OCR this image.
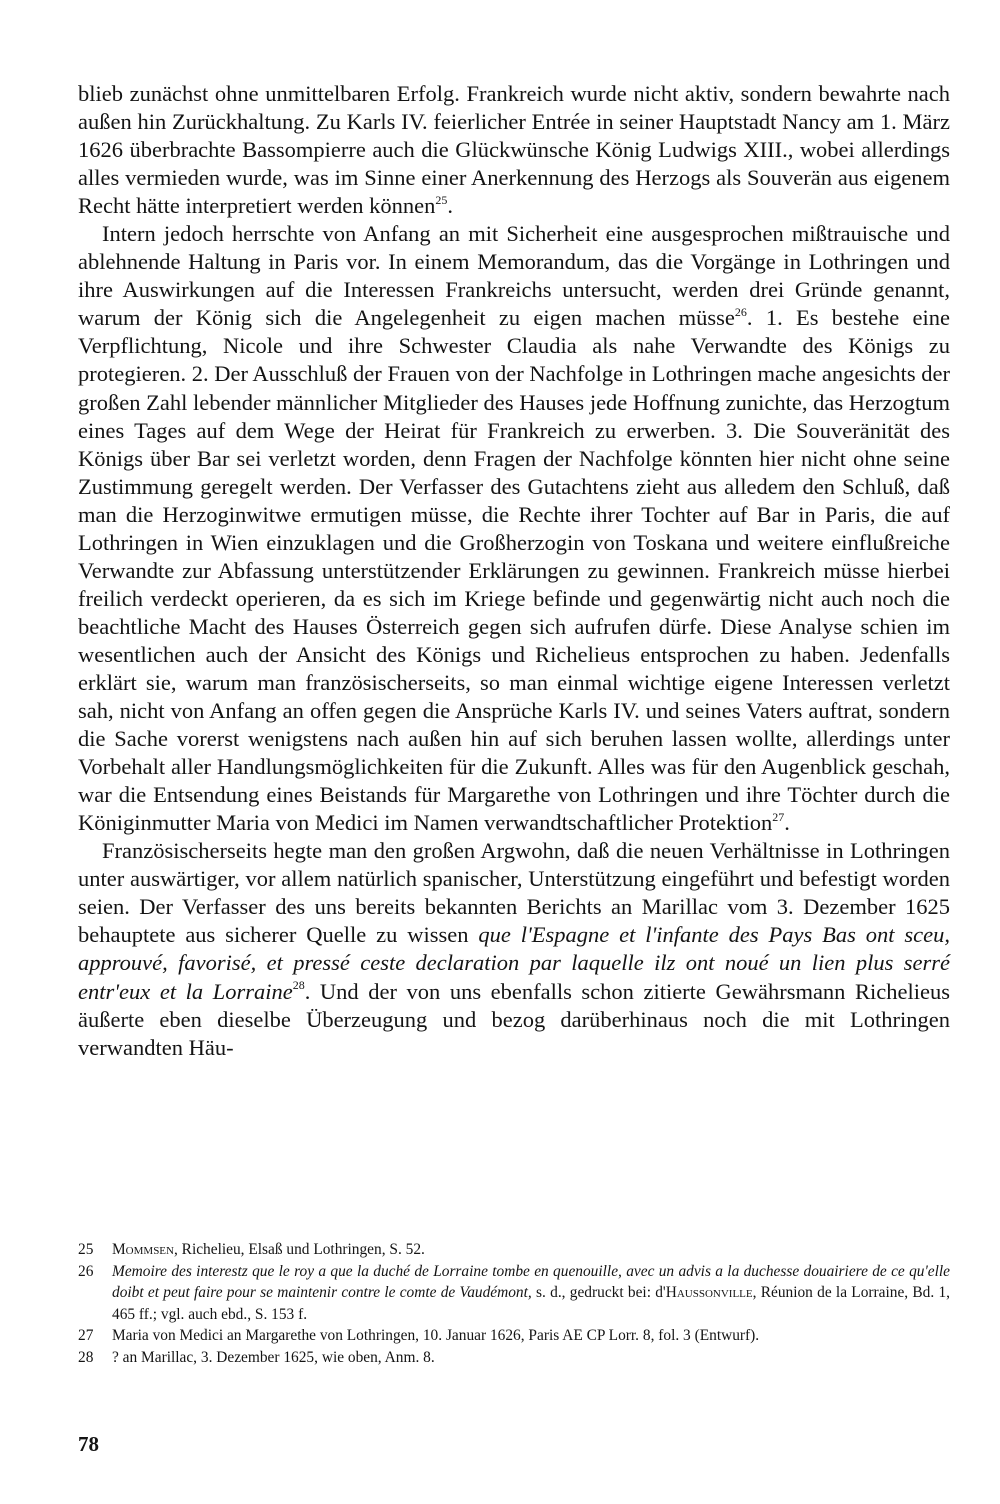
blieb zunächst ohne unmittelbaren Erfolg. Frankreich wurde nicht aktiv, sondern bewahrte nach außen hin Zurückhaltung. Zu Karls IV. feierlicher Entrée in seiner Hauptstadt Nancy am 1. März 1626 überbrachte Bassompierre auch die Glückwünsche König Ludwigs XIII., wobei allerdings alles vermieden wurde, was im Sinne einer Anerkennung des Herzogs als Souverän aus eigenem Recht hätte interpretiert werden können$^{25}$.

Intern jedoch herrschte von Anfang an mit Sicherheit eine ausgesprochen mißtrauische und ablehnende Haltung in Paris vor. In einem Memorandum, das die Vorgänge in Lothringen und ihre Auswirkungen auf die Interessen Frankreichs untersucht, werden drei Gründe genannt, warum der König sich die Angelegenheit zu eigen machen müsse$^{26}$. 1. Es bestehe eine Verpflichtung, Nicole und ihre Schwester Claudia als nahe Verwandte des Königs zu protegieren. 2. Der Ausschluß der Frauen von der Nachfolge in Lothringen mache angesichts der großen Zahl lebender männlicher Mitglieder des Hauses jede Hoffnung zunichte, das Herzogtum eines Tages auf dem Wege der Heirat für Frankreich zu erwerben. 3. Die Souveränität des Königs über Bar sei verletzt worden, denn Fragen der Nachfolge könnten hier nicht ohne seine Zustimmung geregelt werden. Der Verfasser des Gutachtens zieht aus alledem den Schluß, daß man die Herzoginwitwe ermutigen müsse, die Rechte ihrer Tochter auf Bar in Paris, die auf Lothringen in Wien einzuklagen und die Großherzogin von Toskana und weitere einflußreiche Verwandte zur Abfassung unterstützender Erklärungen zu gewinnen. Frankreich müsse hierbei freilich verdeckt operieren, da es sich im Kriege befinde und gegenwärtig nicht auch noch die beachtliche Macht des Hauses Österreich gegen sich aufrufen dürfe. Diese Analyse schien im wesentlichen auch der Ansicht des Königs und Richelieus entsprochen zu haben. Jedenfalls erklärt sie, warum man französischerseits, so man einmal wichtige eigene Interessen verletzt sah, nicht von Anfang an offen gegen die Ansprüche Karls IV. und seines Vaters auftrat, sondern die Sache vorerst wenigstens nach außen hin auf sich beruhen lassen wollte, allerdings unter Vorbehalt aller Handlungsmöglichkeiten für die Zukunft. Alles was für den Augenblick geschah, war die Entsendung eines Beistands für Margarethe von Lothringen und ihre Töchter durch die Königinmutter Maria von Medici im Namen verwandtschaftlicher Protektion$^{27}$.

Französischerseits hegte man den großen Argwohn, daß die neuen Verhältnisse in Lothringen unter auswärtiger, vor allem natürlich spanischer, Unterstützung eingeführt und befestigt worden seien. Der Verfasser des uns bereits bekannten Berichts an Marillac vom 3. Dezember 1625 behauptete aus sicherer Quelle zu wissen que l'Espagne et l'infante des Pays Bas ont sceu, approuvé, favorisé, et pressé ceste declaration par laquelle ilz ont noué un lien plus serré entr'eux et la Lorraine$^{28}$. Und der von uns ebenfalls schon zitierte Gewährsmann Richelieus äußerte eben dieselbe Überzeugung und bezog darüberhinaus noch die mit Lothringen verwandten Häu-

25 Mommsen, Richelieu, Elsaß und Lothringen, S. 52.

26 Memoire des interestz que le roy a que la duché de Lorraine tombe en quenouille, avec un advis a la duchesse douairiere de ce qu'elle doibt et peut faire pour se maintenir contre le comte de Vaudémont, s. d., gedruckt bei: d'Haussonville, Réunion de la Lorraine, Bd. 1, 465 ff.; vgl. auch ebd., S. 153 f.

27 Maria von Medici an Margarethe von Lothringen, 10. Januar 1626, Paris AE CP Lorr. 8, fol. 3 (Entwurf).

28 ? an Marillac, 3. Dezember 1625, wie oben, Anm. 8.

78
